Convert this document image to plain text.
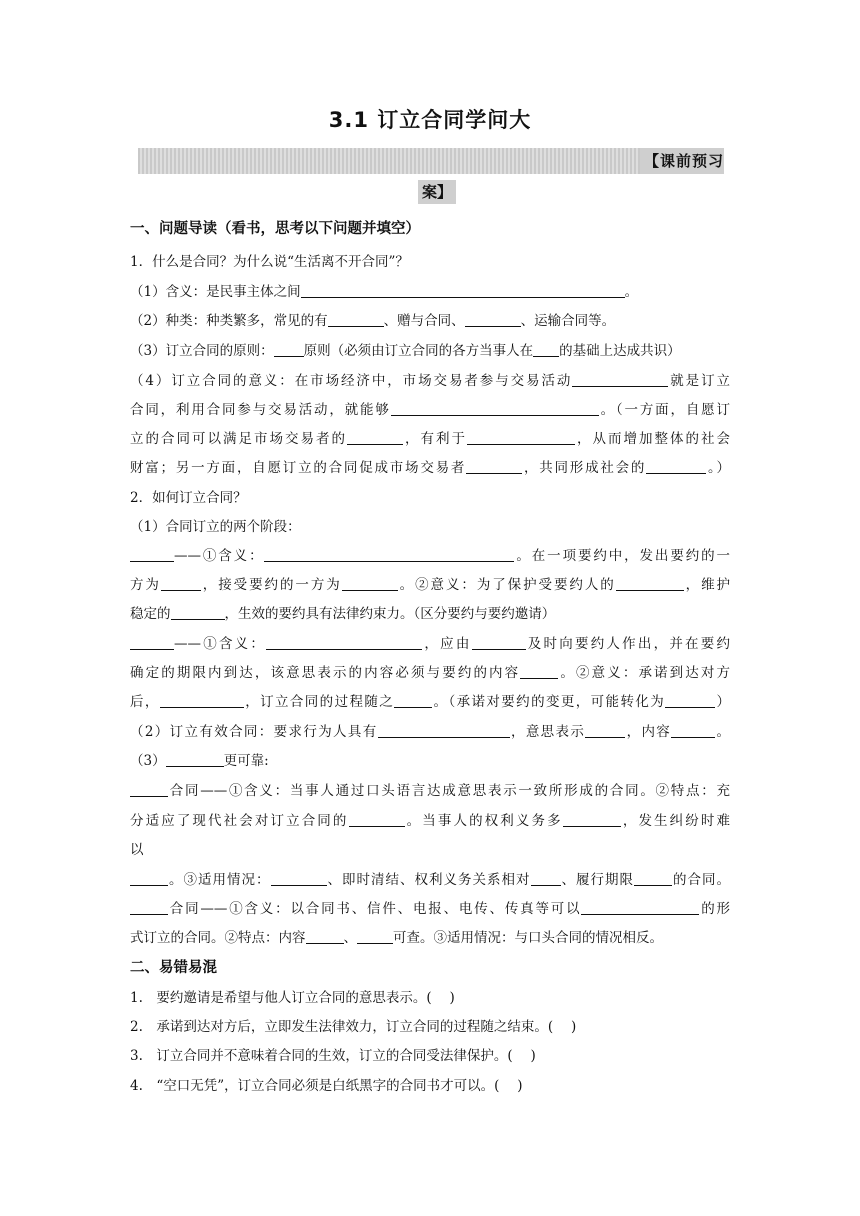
3.1 订立合同学问大
【课前预习
案】
一、问题导读（看书，思考以下问题并填空）
1．什么是合同？为什么说“生活离不开合同”？
（1）含义：是民事主体之间	。
（2）种类：种类繁多，常见的有	、赠与合同、	、运输合同等。
（3）订立合同的原则： 原则（必须由订立合同的各方当事人在 的基础上达成共识）
（4）订立合同的意义：在市场经济中，市场交易者参与交易活动	就是订立
合同，利用合同参与交易活动，就能够	。（一方面，自愿订
立的合同可以满足市场交易者的	，有利于	，从而增加整体的社会
财富；另一方面，自愿订立的合同促成市场交易者	，共同形成社会的	。）
2．如何订立合同？
（1）合同订立的两个阶段：
——①含义：	。在一项要约中，发出要约的一
方为	，接受要约的一方为	。②意义：为了保护受要约人的	，维护
稳定的	，生效的要约具有法律约束力。（区分要约与要约邀请）
——①含义：	，应由	及时向要约人作出，并在要约
确定的期限内到达，该意思表示的内容必须与要约的内容	。②意义：承诺到达对方
后，	，订立合同的过程随之	。（承诺对要约的变更，可能转化为	）
（2）订立有效合同：要求行为人具有	，意思表示	，内容	。
（3）	更可靠:
合同——①含义：当事人通过口头语言达成意思表示一致所形成的合同。②特点：充
分适应了现代社会对订立合同的	。当事人的权利义务多	，发生纠纷时难
以
。③适用情况：	、即时清结、权利义务关系相对 、履行期限	的合同。
合同——①含义：以合同书、信件、电报、电传、传真等可以	的形
式订立的合同。②特点：内容	、	可查。③适用情况：与口头合同的情况相反。
二、易错易混
1.　要约邀请是希望与他人订立合同的意思表示。(　 )
2.　承诺到达对方后，立即发生法律效力，订立合同的过程随之结束。(　 )
3.　订立合同并不意味着合同的生效，订立的合同受法律保护。(　 )
4.　“空口无凭”，订立合同必须是白纸黑字的合同书才可以。(　 )
